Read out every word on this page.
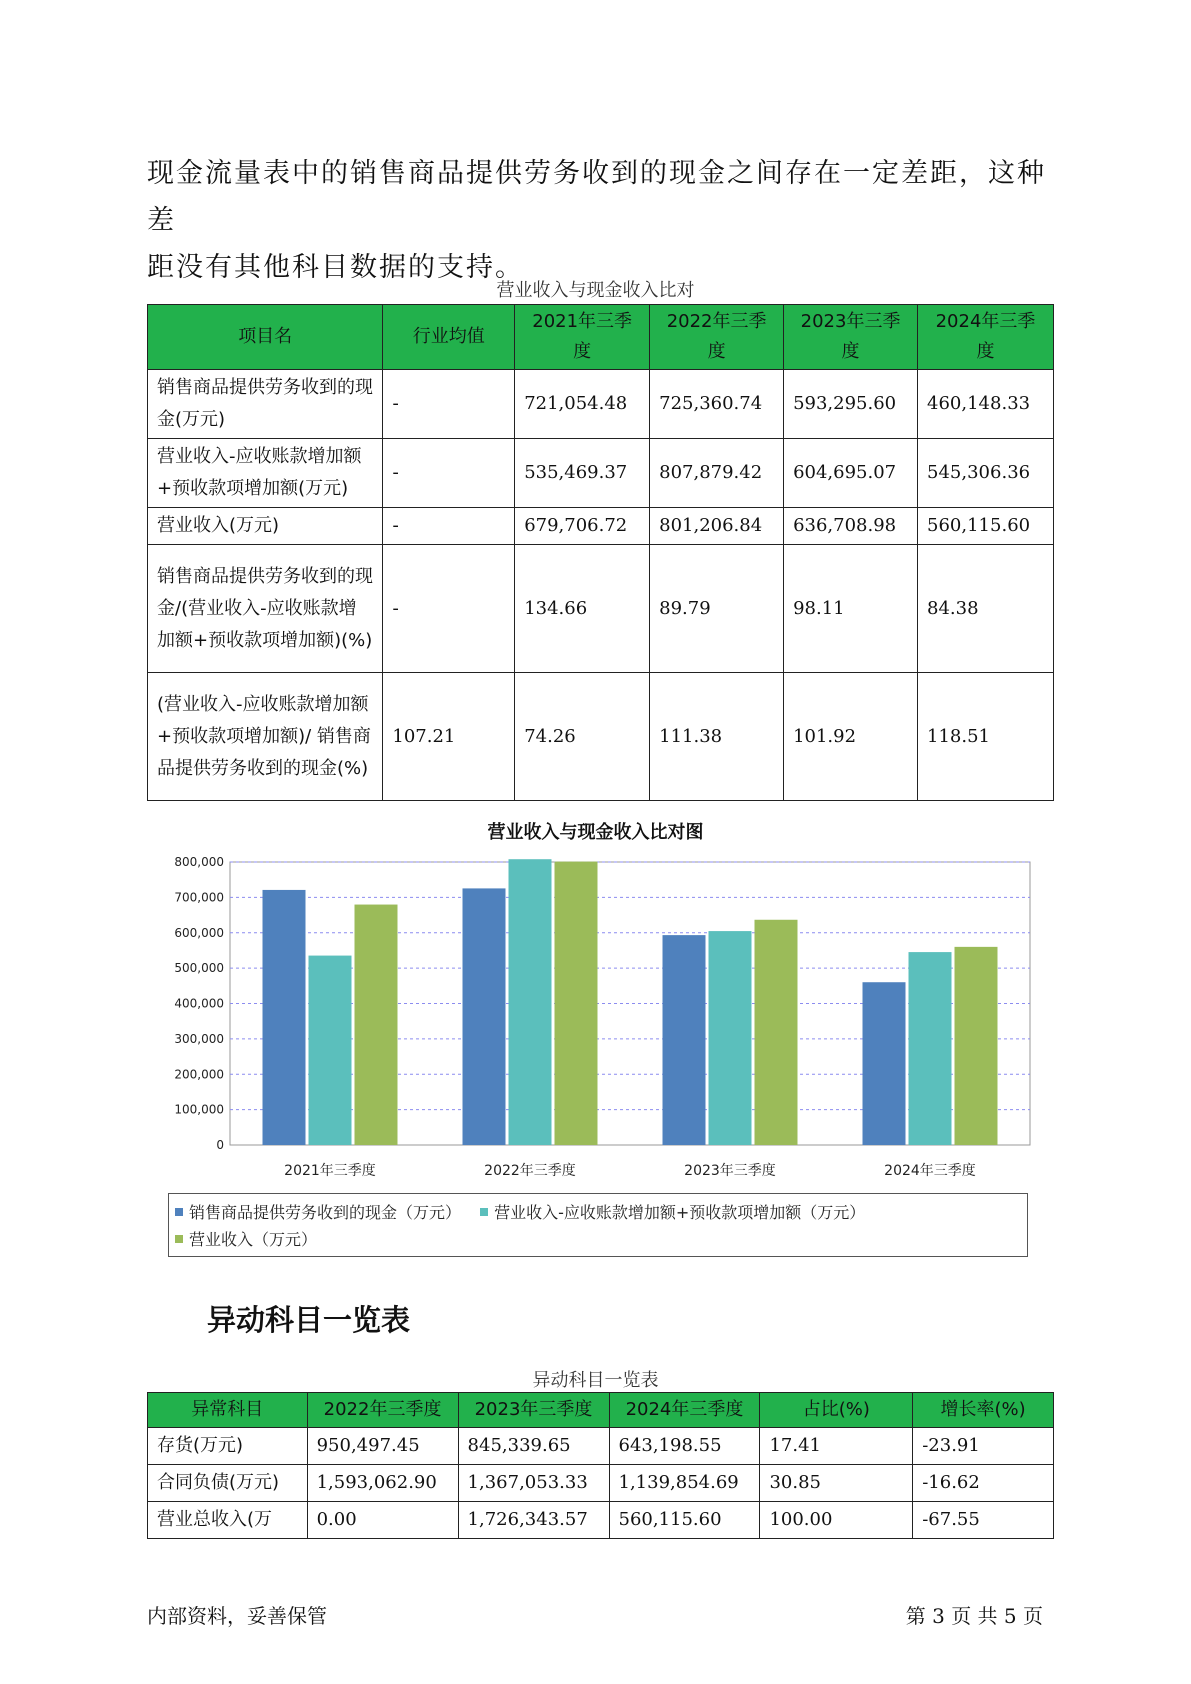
现金流量表中的销售商品提供劳务收到的现金之间存在一定差距，这种差
距没有其他科目数据的支持。
营业收入与现金收入比对
项目名	行业均值	2021年三季度	2022年三季度	2023年三季度	2024年三季度
销售商品提供劳务收到的现金(万元)	-	721,054.48	725,360.74	593,295.60	460,148.33
营业收入-应收账款增加额+预收款项增加额(万元)	-	535,469.37	807,879.42	604,695.07	545,306.36
营业收入(万元)	-	679,706.72	801,206.84	636,708.98	560,115.60
销售商品提供劳务收到的现金/(营业收入-应收账款增加额+预收款项增加额)(%)	-	134.66	89.79	98.11	84.38
(营业收入-应收账款增加额+预收款项增加额)/ 销售商品提供劳务收到的现金(%)	107.21	74.26	111.38	101.92	118.51
营业收入与现金收入比对图
0
100,000
200,000
300,000
400,000
500,000
600,000
700,000
800,000
2021年三季度	2022年三季度	2023年三季度	2024年三季度
销售商品提供劳务收到的现金（万元）
营业收入-应收账款增加额+预收款项增加额（万元）

营业收入（万元）
异动科目一览表
异动科目一览表
异常科目	2022年三季度	2023年三季度	2024年三季度	占比(%)	增长率(%)
存货(万元)	950,497.45	845,339.65	643,198.55	17.41	-23.91
合同负债(万元)	1,593,062.90	1,367,053.33	1,139,854.69	30.85	-16.62
营业总收入(万	0.00	1,726,343.57	560,115.60	100.00	-67.55
内部资料，妥善保管	第 3 页 共 5 页
